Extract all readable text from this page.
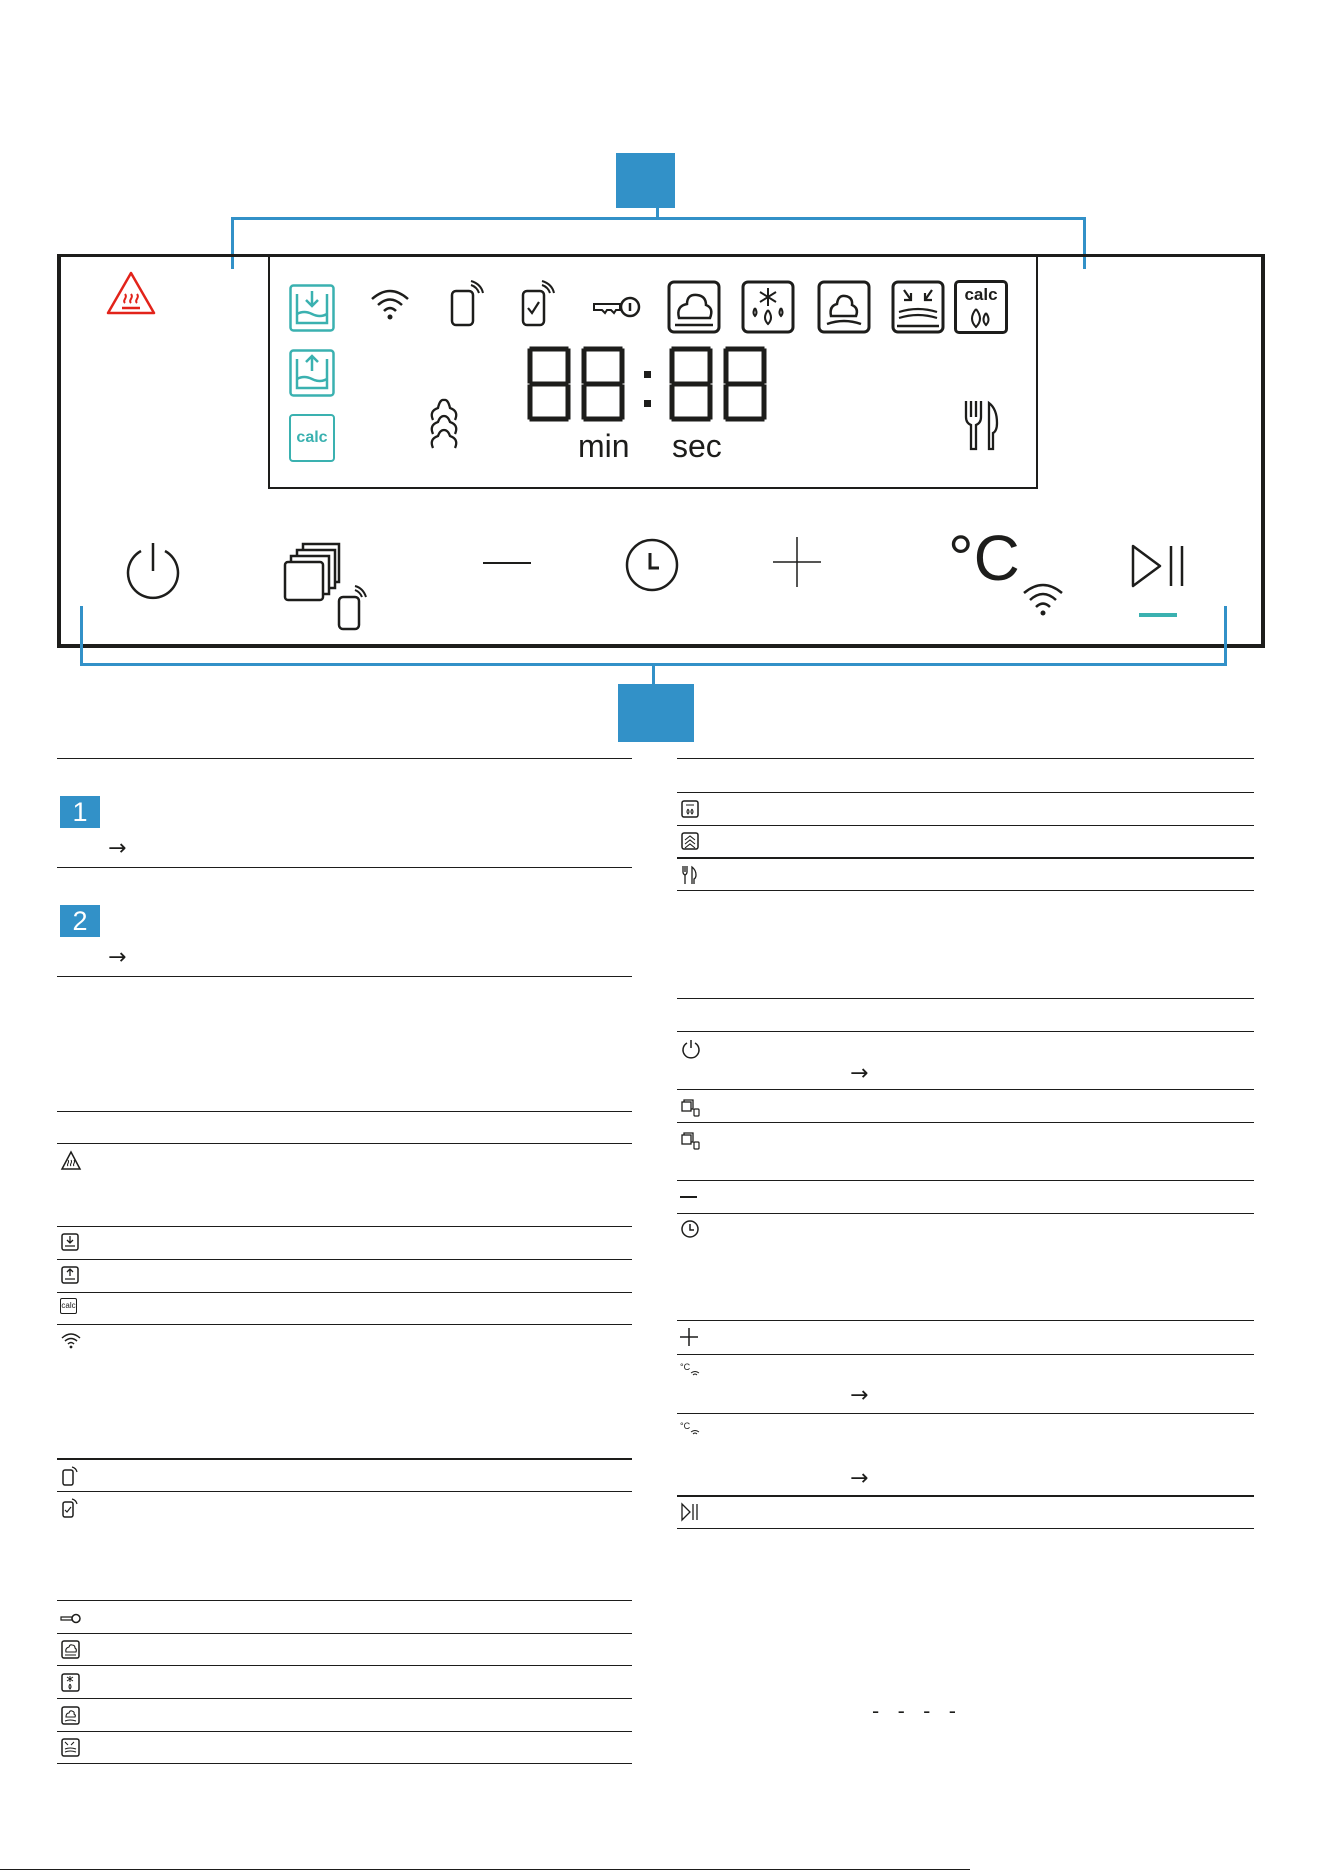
calc
calc
min sec
°C
1
→
2
→
calc
→
°C
→
°C
→
- - - -
